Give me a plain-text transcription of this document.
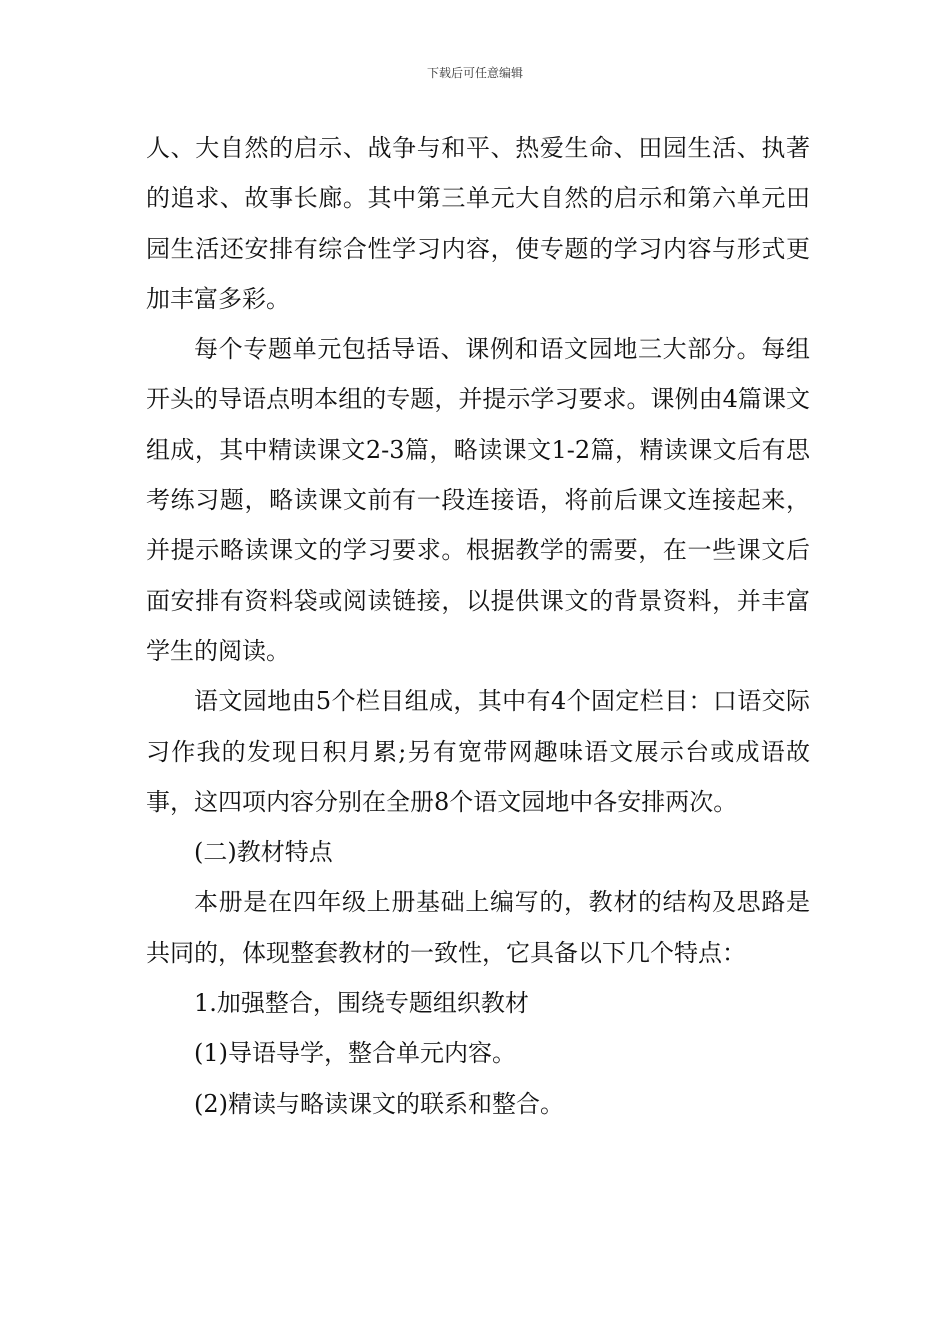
下载后可任意编辑

人、大自然的启示、战争与和平、热爱生命、田园生活、执著的追求、故事长廊。其中第三单元大自然的启示和第六单元田园生活还安排有综合性学习内容，使专题的学习内容与形式更加丰富多彩。

每个专题单元包括导语、课例和语文园地三大部分。每组开头的导语点明本组的专题，并提示学习要求。课例由4篇课文组成，其中精读课文2-3篇，略读课文1-2篇，精读课文后有思考练习题，略读课文前有一段连接语，将前后课文连接起来，并提示略读课文的学习要求。根据教学的需要，在一些课文后面安排有资料袋或阅读链接，以提供课文的背景资料，并丰富学生的阅读。

语文园地由5个栏目组成，其中有4个固定栏目：口语交际习作我的发现日积月累;另有宽带网趣味语文展示台或成语故事，这四项内容分别在全册8个语文园地中各安排两次。

(二)教材特点

本册是在四年级上册基础上编写的，教材的结构及思路是共同的，体现整套教材的一致性，它具备以下几个特点：

1.加强整合，围绕专题组织教材

(1)导语导学，整合单元内容。

(2)精读与略读课文的联系和整合。
